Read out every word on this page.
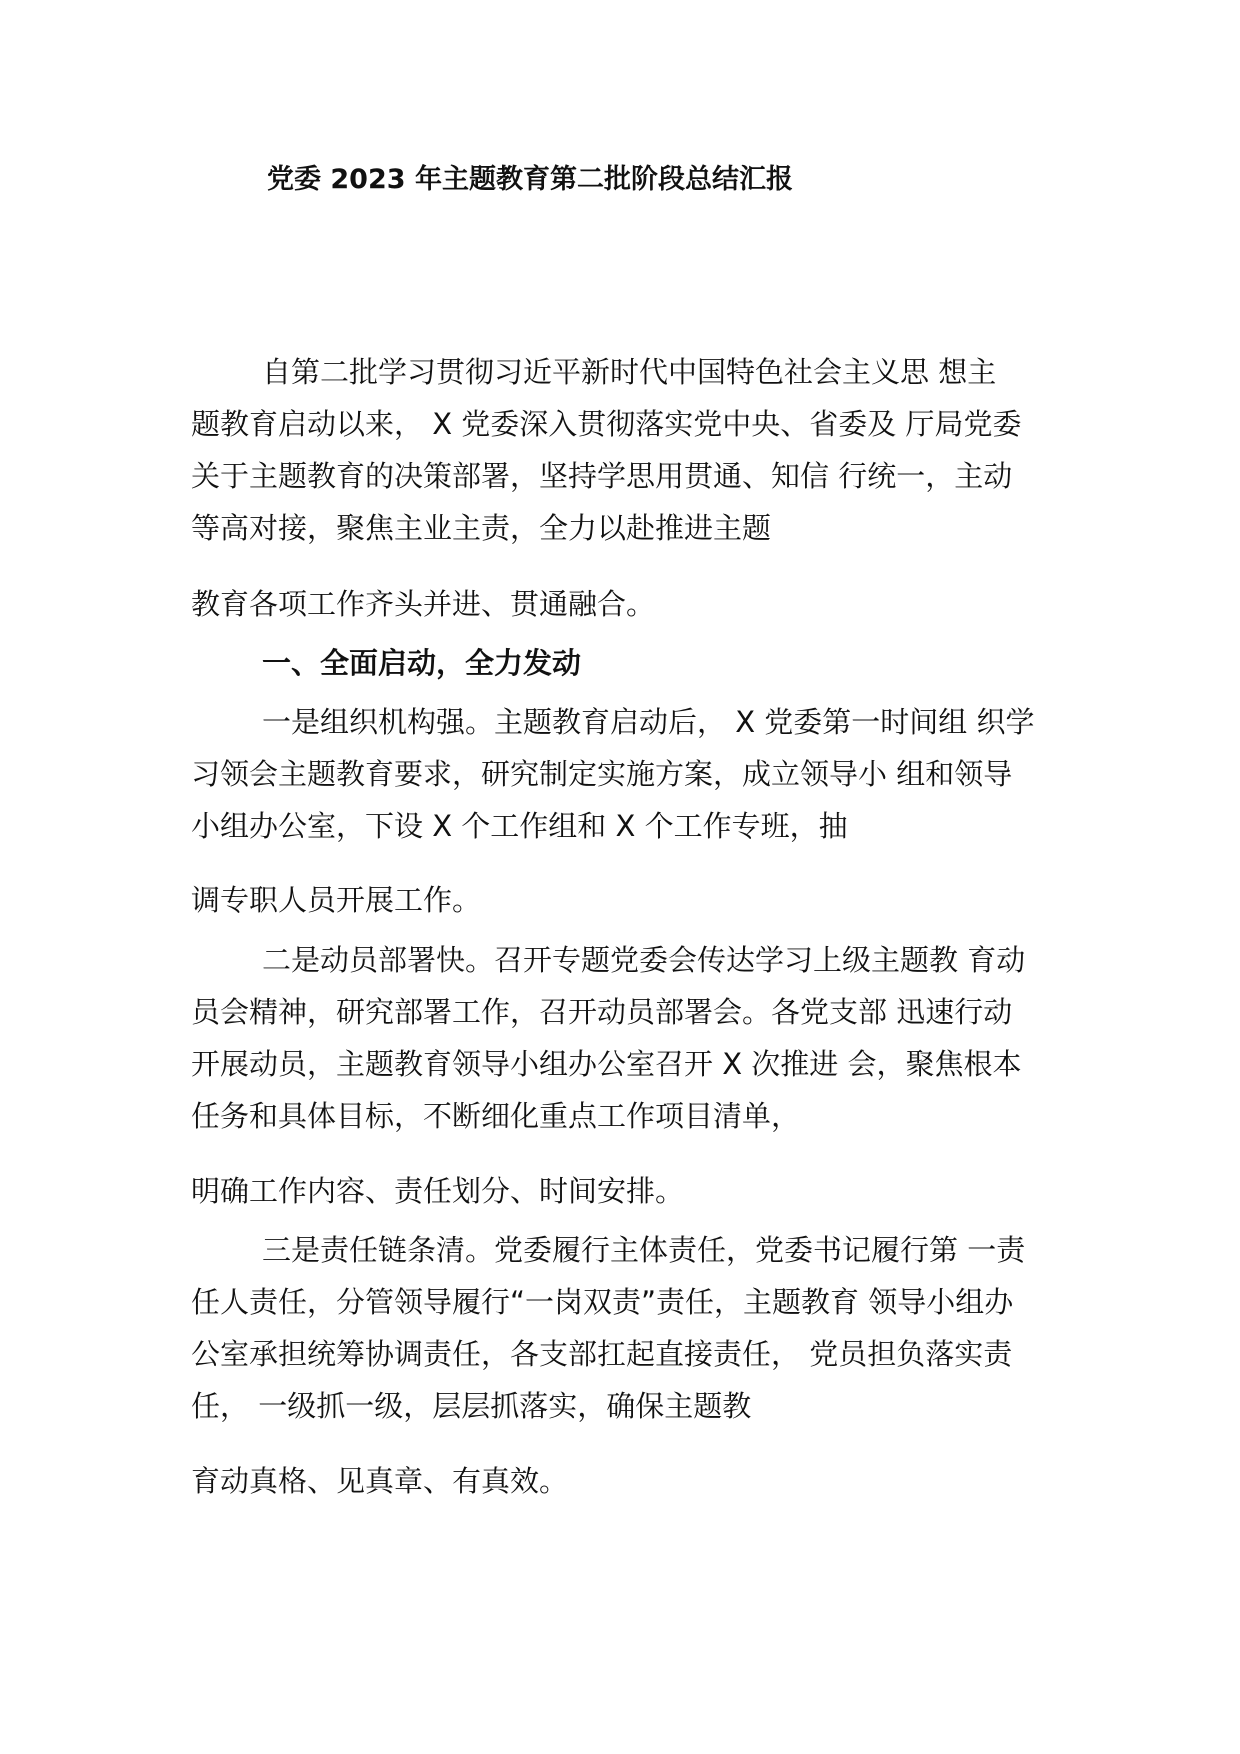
党委 2023 年主题教育第二批阶段总结汇报
自第二批学习贯彻习近平新时代中国特色社会主义思 想主
题教育启动以来， X 党委深入贯彻落实党中央、省委及 厅局党委
关于主题教育的决策部署，坚持学思用贯通、知信 行统一，主动
等高对接，聚焦主业主责，全力以赴推进主题
教育各项工作齐头并进、贯通融合。
一、全面启动，全力发动
一是组织机构强。主题教育启动后， X 党委第一时间组 织学
习领会主题教育要求，研究制定实施方案，成立领导小 组和领导
小组办公室，下设 X 个工作组和 X 个工作专班，抽
调专职人员开展工作。
二是动员部署快。召开专题党委会传达学习上级主题教 育动
员会精神，研究部署工作，召开动员部署会。各党支部 迅速行动
开展动员，主题教育领导小组办公室召开 X 次推进 会，聚焦根本
任务和具体目标，不断细化重点工作项目清单，
明确工作内容、责任划分、时间安排。
三是责任链条清。党委履行主体责任，党委书记履行第 一责
任人责任，分管领导履行“一岗双责”责任，主题教育 领导小组办
公室承担统筹协调责任，各支部扛起直接责任， 党员担负落实责
任， 一级抓一级，层层抓落实，确保主题教
育动真格、见真章、有真效。
